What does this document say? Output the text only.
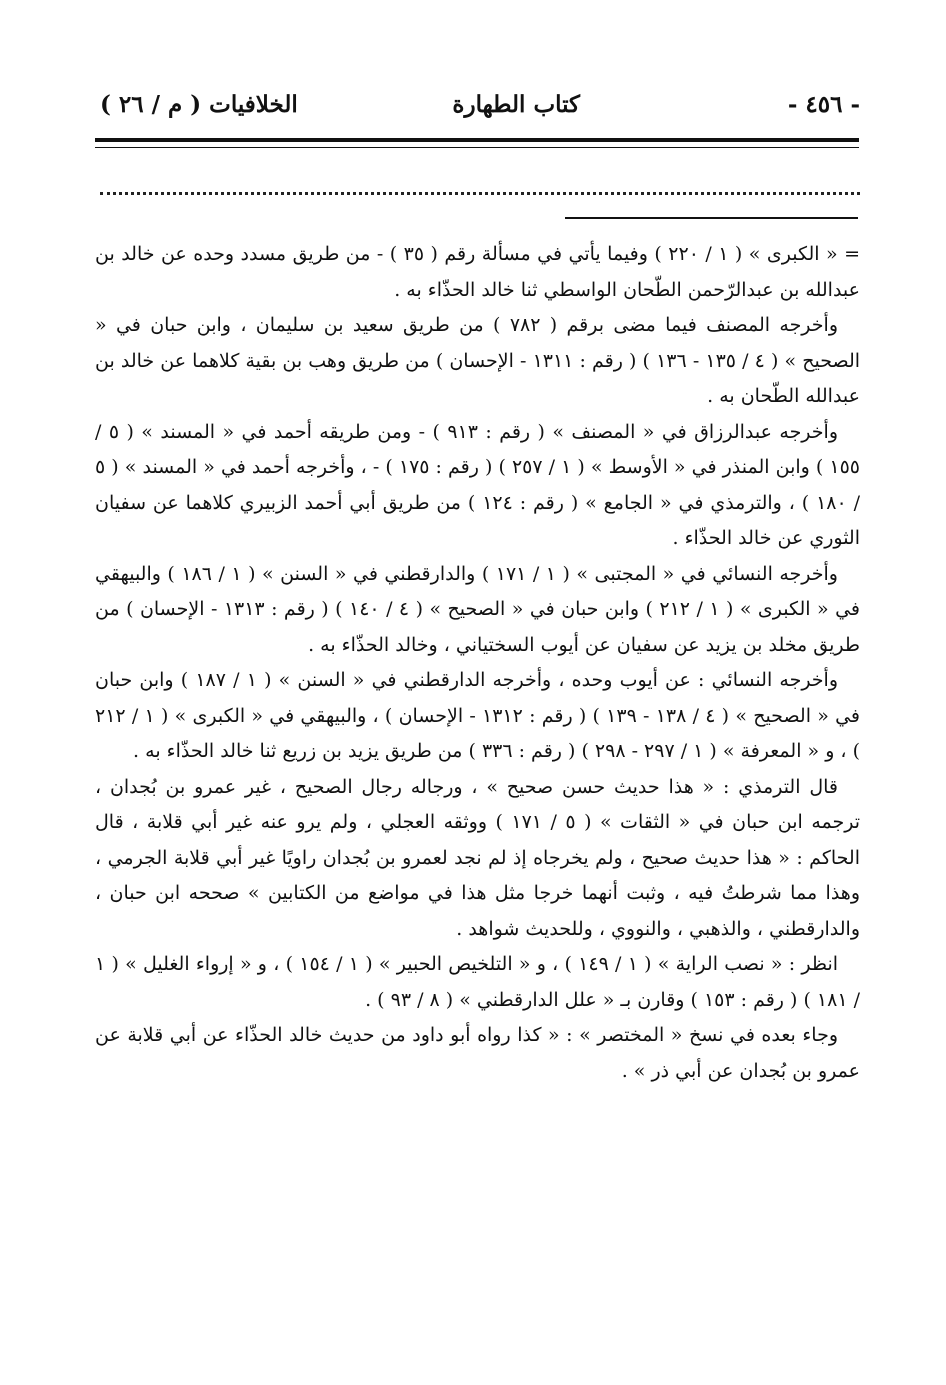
- ٤٥٦ -
كتاب الطهارة
الخلافيات ( م / ٢٦ )

= « الكبرى » ( ١ / ٢٢٠ ) وفيما يأتي في مسألة رقم ( ٣٥ ) - من طريق مسدد وحده عن خالد بن عبدالله بن عبدالرّحمن الطّحان الواسطي ثنا خالد الحذّاء به .

وأخرجه المصنف فيما مضى برقم ( ٧٨٢ ) من طريق سعيد بن سليمان ، وابن حبان في « الصحيح » ( ٤ / ١٣٥ - ١٣٦ ) ( رقم : ١٣١١ - الإحسان ) من طريق وهب بن بقية كلاهما عن خالد بن عبدالله الطّحان به .

وأخرجه عبدالرزاق في « المصنف » ( رقم : ٩١٣ ) - ومن طريقه أحمد في « المسند » ( ٥ / ١٥٥ ) وابن المنذر في « الأوسط » ( ١ / ٢٥٧ ) ( رقم : ١٧٥ ) - ، وأخرجه أحمد في « المسند » ( ٥ / ١٨٠ ) ، والترمذي في « الجامع » ( رقم : ١٢٤ ) من طريق أبي أحمد الزبيري كلاهما عن سفيان الثوري عن خالد الحذّاء .

وأخرجه النسائي في « المجتبى » ( ١ / ١٧١ ) والدارقطني في « السنن » ( ١ / ١٨٦ ) والبيهقي في « الكبرى » ( ١ / ٢١٢ ) وابن حبان في « الصحيح » ( ٤ / ١٤٠ ) ( رقم : ١٣١٣ - الإحسان ) من طريق مخلد بن يزيد عن سفيان عن أيوب السختياني ، وخالد الحذّاء به .

وأخرجه النسائي : عن أيوب وحده ، وأخرجه الدارقطني في « السنن » ( ١ / ١٨٧ ) وابن حبان في « الصحيح » ( ٤ / ١٣٨ - ١٣٩ ) ( رقم : ١٣١٢ - الإحسان ) ، والبيهقي في « الكبرى » ( ١ / ٢١٢ ) ، و « المعرفة » ( ١ / ٢٩٧ - ٢٩٨ ) ( رقم : ٣٣٦ ) من طريق يزيد بن زريع ثنا خالد الحذّاء به .

قال الترمذي : « هذا حديث حسن صحيح » ، ورجاله رجال الصحيح ، غير عمرو بن بُجدان ، ترجمه ابن حبان في « الثقات » ( ٥ / ١٧١ ) ووثقه العجلي ، ولم يرو عنه غير أبي قلابة ، قال الحاكم : « هذا حديث صحيح ، ولم يخرجاه إذ لم نجد لعمرو بن بُجدان راويًا غير أبي قلابة الجرمي ، وهذا مما شرطتُ فيه ، وثبت أنهما خرجا مثل هذا في مواضع من الكتابين » صححه ابن حبان ، والدارقطني ، والذهبي ، والنووي ، وللحديث شواهد .

انظر : « نصب الراية » ( ١ / ١٤٩ ) ، و « التلخيص الحبير » ( ١ / ١٥٤ ) ، و « إرواء الغليل » ( ١ / ١٨١ ) ( رقم : ١٥٣ ) وقارن بـ « علل الدارقطني » ( ٨ / ٩٣ ) .

وجاء بعده في نسخ « المختصر » : « كذا رواه أبو داود من حديث خالد الحذّاء عن أبي قلابة عن عمرو بن بُجدان عن أبي ذر » .
